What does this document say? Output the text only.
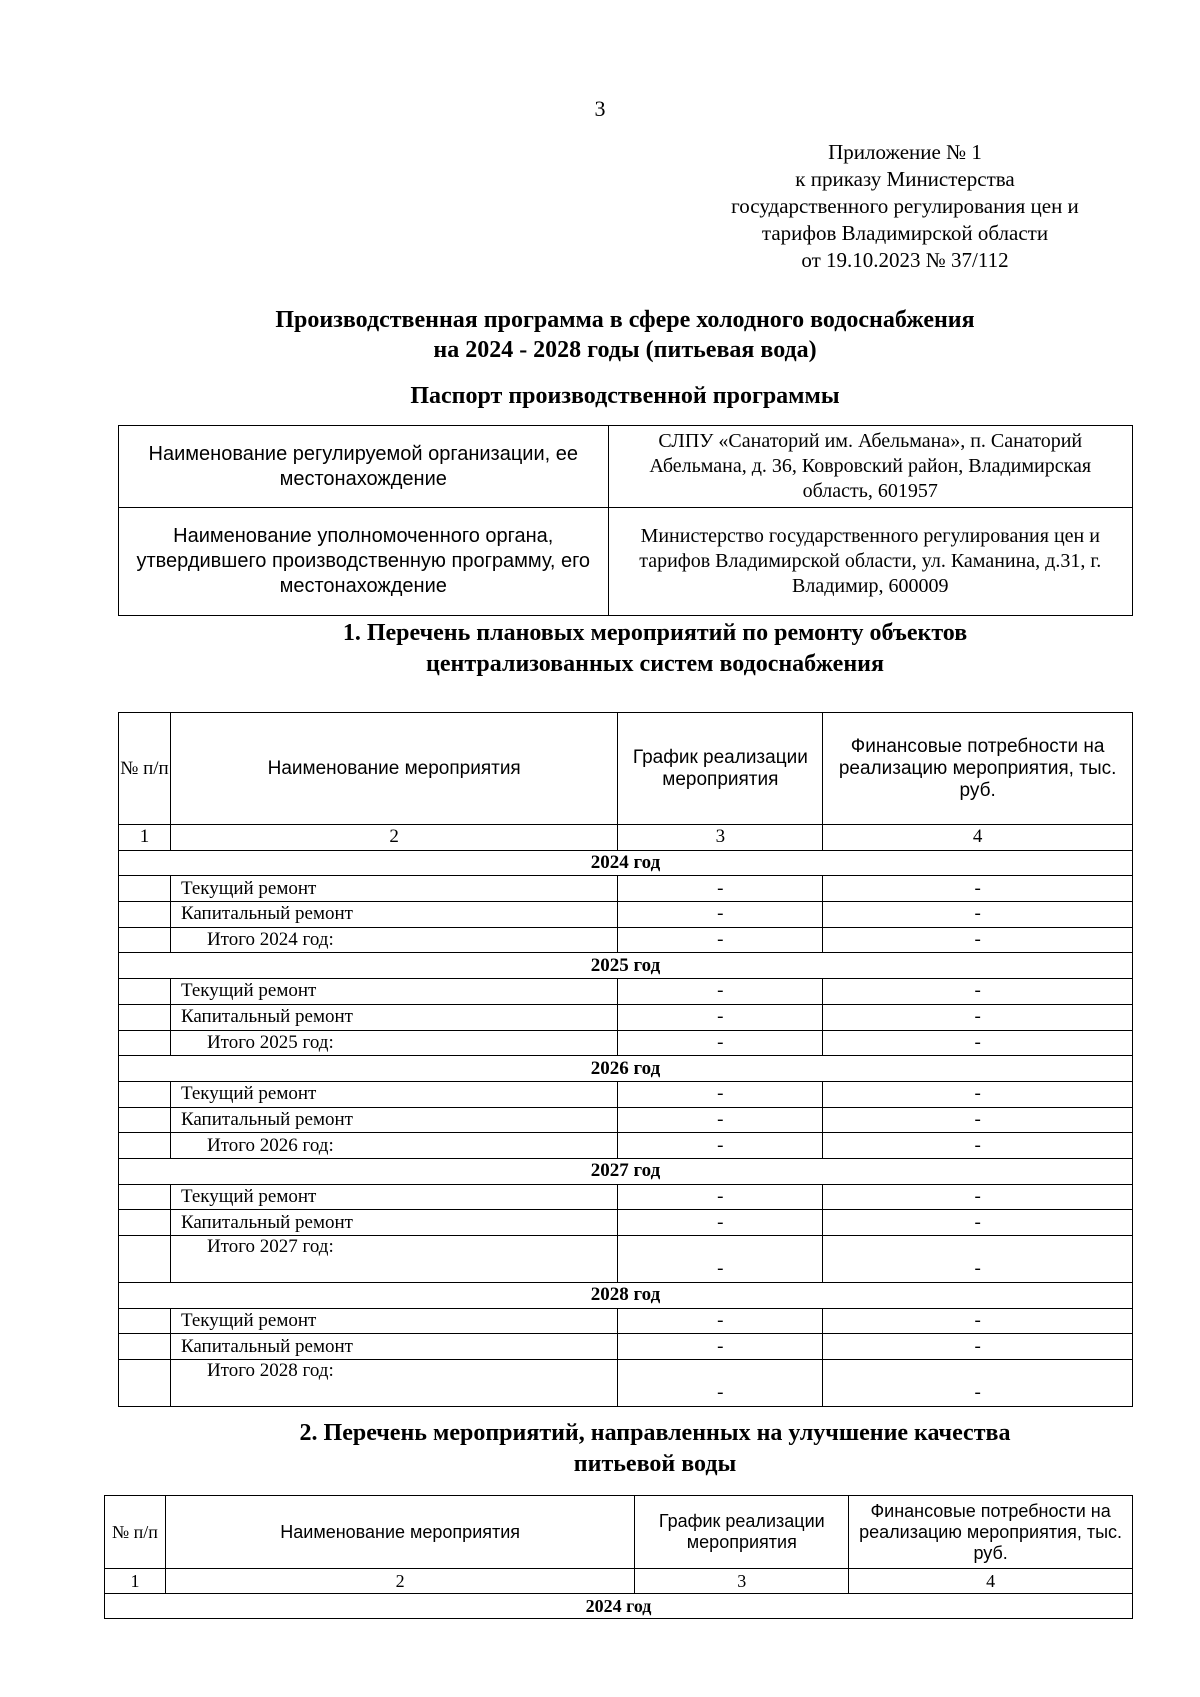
3
Приложение № 1
к приказу Министерства
государственного регулирования цен и
тарифов Владимирской области
от 19.10.2023 № 37/112
Производственная программа в сфере холодного водоснабжения
на 2024 - 2028 годы (питьевая вода)
Паспорт производственной программы
Наименование регулируемой организации, ее местонахождение	СЛПУ «Санаторий им. Абельмана», п. Санаторий Абельмана, д. 36, Ковровский район, Владимирская область, 601957
Наименование уполномоченного органа, утвердившего производственную программу, его местонахождение	Министерство государственного регулирования цен и тарифов Владимирской области, ул. Каманина, д.31, г. Владимир, 600009
1. Перечень плановых мероприятий по ремонту объектов
централизованных систем водоснабжения
№ п/п	Наименование мероприятия	График реализации мероприятия	Финансовые потребности на реализацию мероприятия, тыс. руб.
1	2	3	4
2024 год			
	Текущий ремонт	-	-
	Капитальный ремонт	-	-
	Итого 2024 год:	-	-
2025 год			
	Текущий ремонт	-	-
	Капитальный ремонт	-	-
	Итого 2025 год:	-	-
2026 год			
	Текущий ремонт	-	-
	Капитальный ремонт	-	-
	Итого 2026 год:	-	-
2027 год			
	Текущий ремонт	-	-
	Капитальный ремонт	-	-
	Итого 2027 год:	-	-
2028 год			
	Текущий ремонт	-	-
	Капитальный ремонт	-	-
	Итого 2028 год:	-	-
2. Перечень мероприятий, направленных на улучшение качества
питьевой воды
№ п/п	Наименование мероприятия	График реализации мероприятия	Финансовые потребности на реализацию мероприятия, тыс. руб.
1	2	3	4
2024 год			
